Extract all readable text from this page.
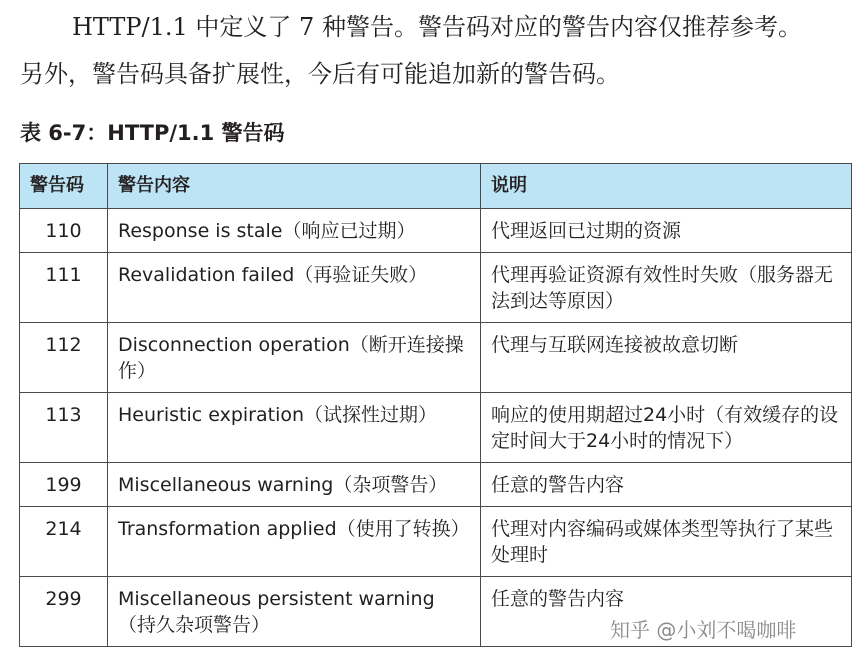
HTTP/1.1 中定义了 7 种警告。警告码对应的警告内容仅推荐参考。
另外，警告码具备扩展性，今后有可能追加新的警告码。
表 6-7：HTTP/1.1 警告码
警告码	警告内容	说明
110	Response is stale（响应已过期）	代理返回已过期的资源
111	Revalidation failed（再验证失败）	代理再验证资源有效性时失败（服务器无法到达等原因）
112	Disconnection operation（断开连接操作）	代理与互联网连接被故意切断
113	Heuristic expiration（试探性过期）	响应的使用期超过24小时（有效缓存的设定时间大于24小时的情况下）
199	Miscellaneous warning（杂项警告）	任意的警告内容
214	Transformation applied（使用了转换）	代理对内容编码或媒体类型等执行了某些处理时
299	Miscellaneous persistent warning（持久杂项警告）	任意的警告内容
知乎 @小刘不喝咖啡
